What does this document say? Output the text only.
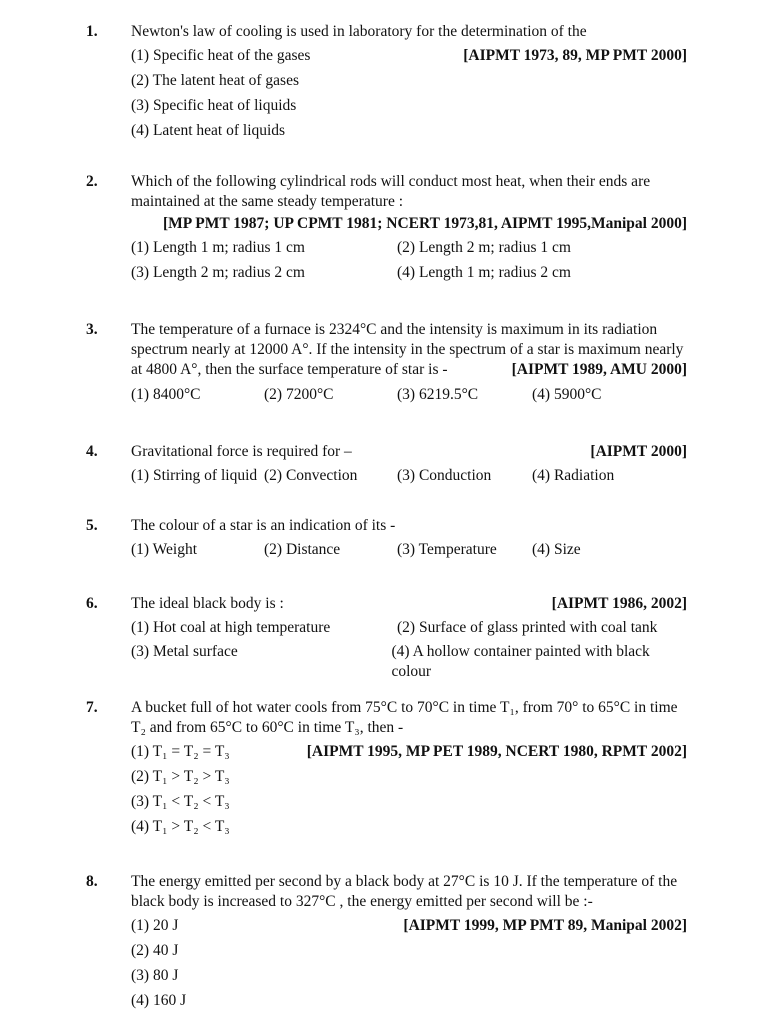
1. Newton's law of cooling is used in laboratory for the determination of the

(1) Specific heat of the gases	[AIPMT 1973, 89, MP PMT 2000]
(2) The latent heat of gases
(3) Specific heat of liquids
(4) Latent heat of liquids
2. Which of the following cylindrical rods will conduct most heat, when their ends are maintained at the same steady temperature :

[MP PMT 1987; UP CPMT 1981; NCERT 1973,81, AIPMT 1995,Manipal 2000]
(1) Length 1 m; radius 1 cm	(2) Length 2 m; radius 1 cm
(3) Length 2 m; radius 2 cm	(4) Length 1 m; radius 2 cm
3. The temperature of a furnace is 2324°C and the intensity is maximum in its radiation spectrum nearly at 12000 A°. If the intensity in the spectrum of a star is maximum nearly at 4800 A°, then the surface temperature of star is -	[AIPMT 1989, AMU 2000]
(1) 8400°C	(2) 7200°C	(3) 6219.5°C	(4) 5900°C
4. Gravitational force is required for –	[AIPMT 2000]
(1) Stirring of liquid (2) Convection	(3) Conduction	(4) Radiation
5. The colour of a star is an indication of its -

(1) Weight	(2) Distance	(3) Temperature	(4) Size
6. The ideal black body is :	[AIPMT 1986, 2002]
(1) Hot coal at high temperature	(2) Surface of glass printed with coal tank
(3) Metal surface	(4) A hollow container painted with black colour
7. A bucket full of hot water cools from 75°C to 70°C in time T₁, from 70° to 65°C in time T₂ and from 65°C to 60°C in time T₃, then -

(1) T₁ = T₂ = T₃	[AIPMT 1995, MP PET 1989, NCERT 1980, RPMT 2002]
(2) T₁ > T₂ > T₃
(3) T₁ < T₂ < T₃
(4) T₁ > T₂ < T₃
8. The energy emitted per second by a black body at 27°C is 10 J. If the temperature of the black body is increased to 327°C , the energy emitted per second will be :-

(1) 20 J	[AIPMT 1999, MP PMT 89, Manipal 2002]
(2) 40 J
(3) 80 J
(4) 160 J
